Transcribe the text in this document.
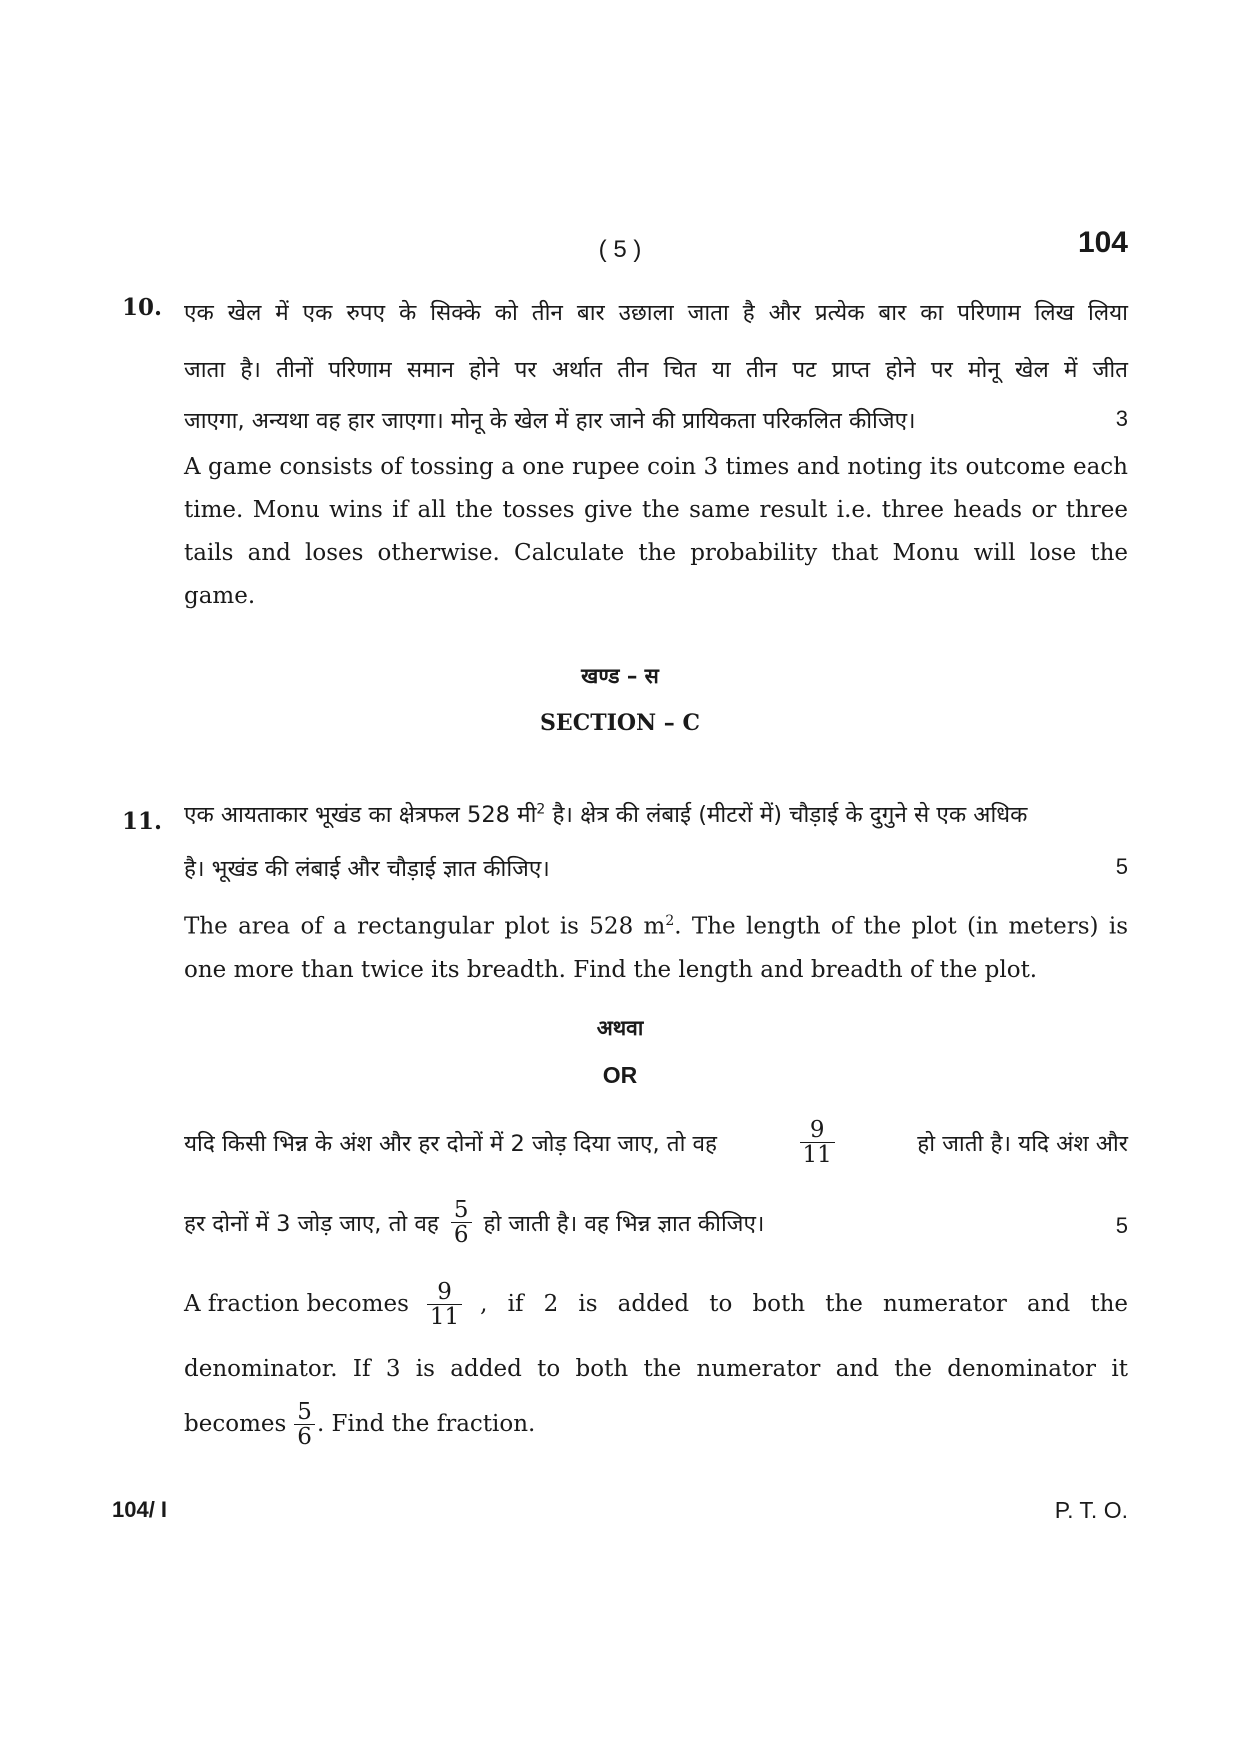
( 5 )	104
10. एक खेल में एक रुपए के सिक्के को तीन बार उछाला जाता है और प्रत्येक बार का परिणाम लिख लिया
जाता है। तीनों परिणाम समान होने पर अर्थात तीन चित या तीन पट प्राप्त होने पर मोनू खेल में जीत
जाएगा, अन्यथा वह हार जाएगा। मोनू के खेल में हार जाने की प्रायिकता परिकलित कीजिए।	3
A game consists of tossing a one rupee coin 3 times and noting its outcome each time. Monu wins if all the tosses give the same result i.e. three heads or three tails and loses otherwise. Calculate the probability that Monu will lose the game.
खण्ड – स
SECTION – C
11. एक आयताकार भूखंड का क्षेत्रफल 528 मी$^2$ है। क्षेत्र की लंबाई (मीटरों में) चौड़ाई के दुगुने से एक अधिक
है। भूखंड की लंबाई और चौड़ाई ज्ञात कीजिए।	5
The area of a rectangular plot is 528 $m^2$. The length of the plot (in meters) is one more than twice its breadth. Find the length and breadth of the plot.
अथवा
OR
यदि किसी भिन्न के अंश और हर दोनों में 2 जोड़ दिया जाए, तो वह	$\frac{9}{11}$	हो जाती है। यदि अंश और
हर दोनों में 3 जोड़ जाए, तो वह $\frac{5}{6}$ हो जाती है। वह भिन्न ज्ञात कीजिए।	5
A fraction becomes $\frac{9}{11}$ , if 2 is added to both the numerator and the
denominator. If 3 is added to both the numerator and the denominator it
becomes $\frac{5}{6}$ . Find the fraction.
104/ I	P. T. O.
